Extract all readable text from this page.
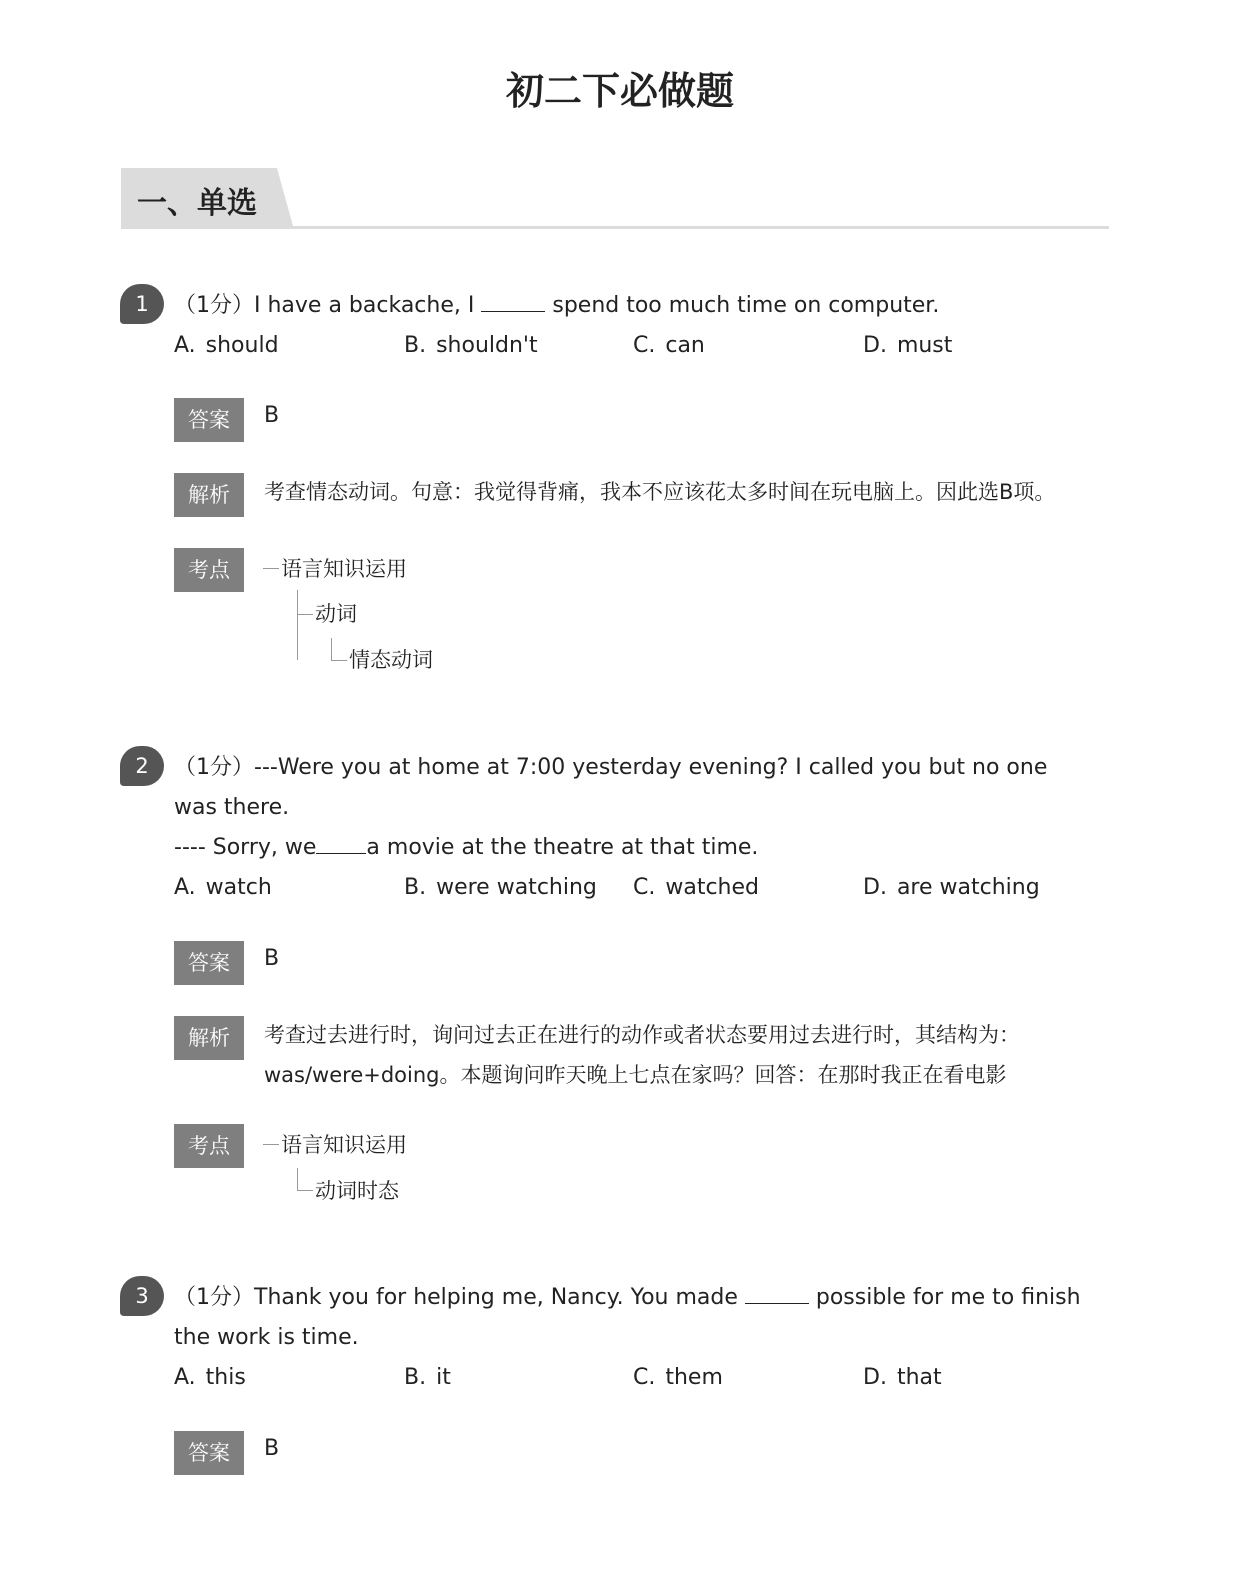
初二下必做题
一、单选
1	（1分）I have a backache, I	spend too much time on computer.
A. should	B. shouldn't	C. can	D. must
答案	B
解析	考查情态动词。句意：我觉得背痛，我本不应该花太多时间在玩电脑上。因此选B项。
考点	语言知识运用
动词
情态动词
2	（1分）---Were you at home at 7:00 yesterday evening? I called you but no one was there.
---- Sorry, we a movie at the theatre at that time.
A. watch	B. were watching C. watched	D. are watching
答案	B
解析	考查过去进行时，询问过去正在进行的动作或者状态要用过去进行时，其结构为：was/were+doing。本题询问昨天晚上七点在家吗？回答：在那时我正在看电影
考点	语言知识运用
动词时态
3	（1分）Thank you for helping me, Nancy. You made	possible for me to finish the work is time.
A. this	B. it	C. them	D. that
答案	B
